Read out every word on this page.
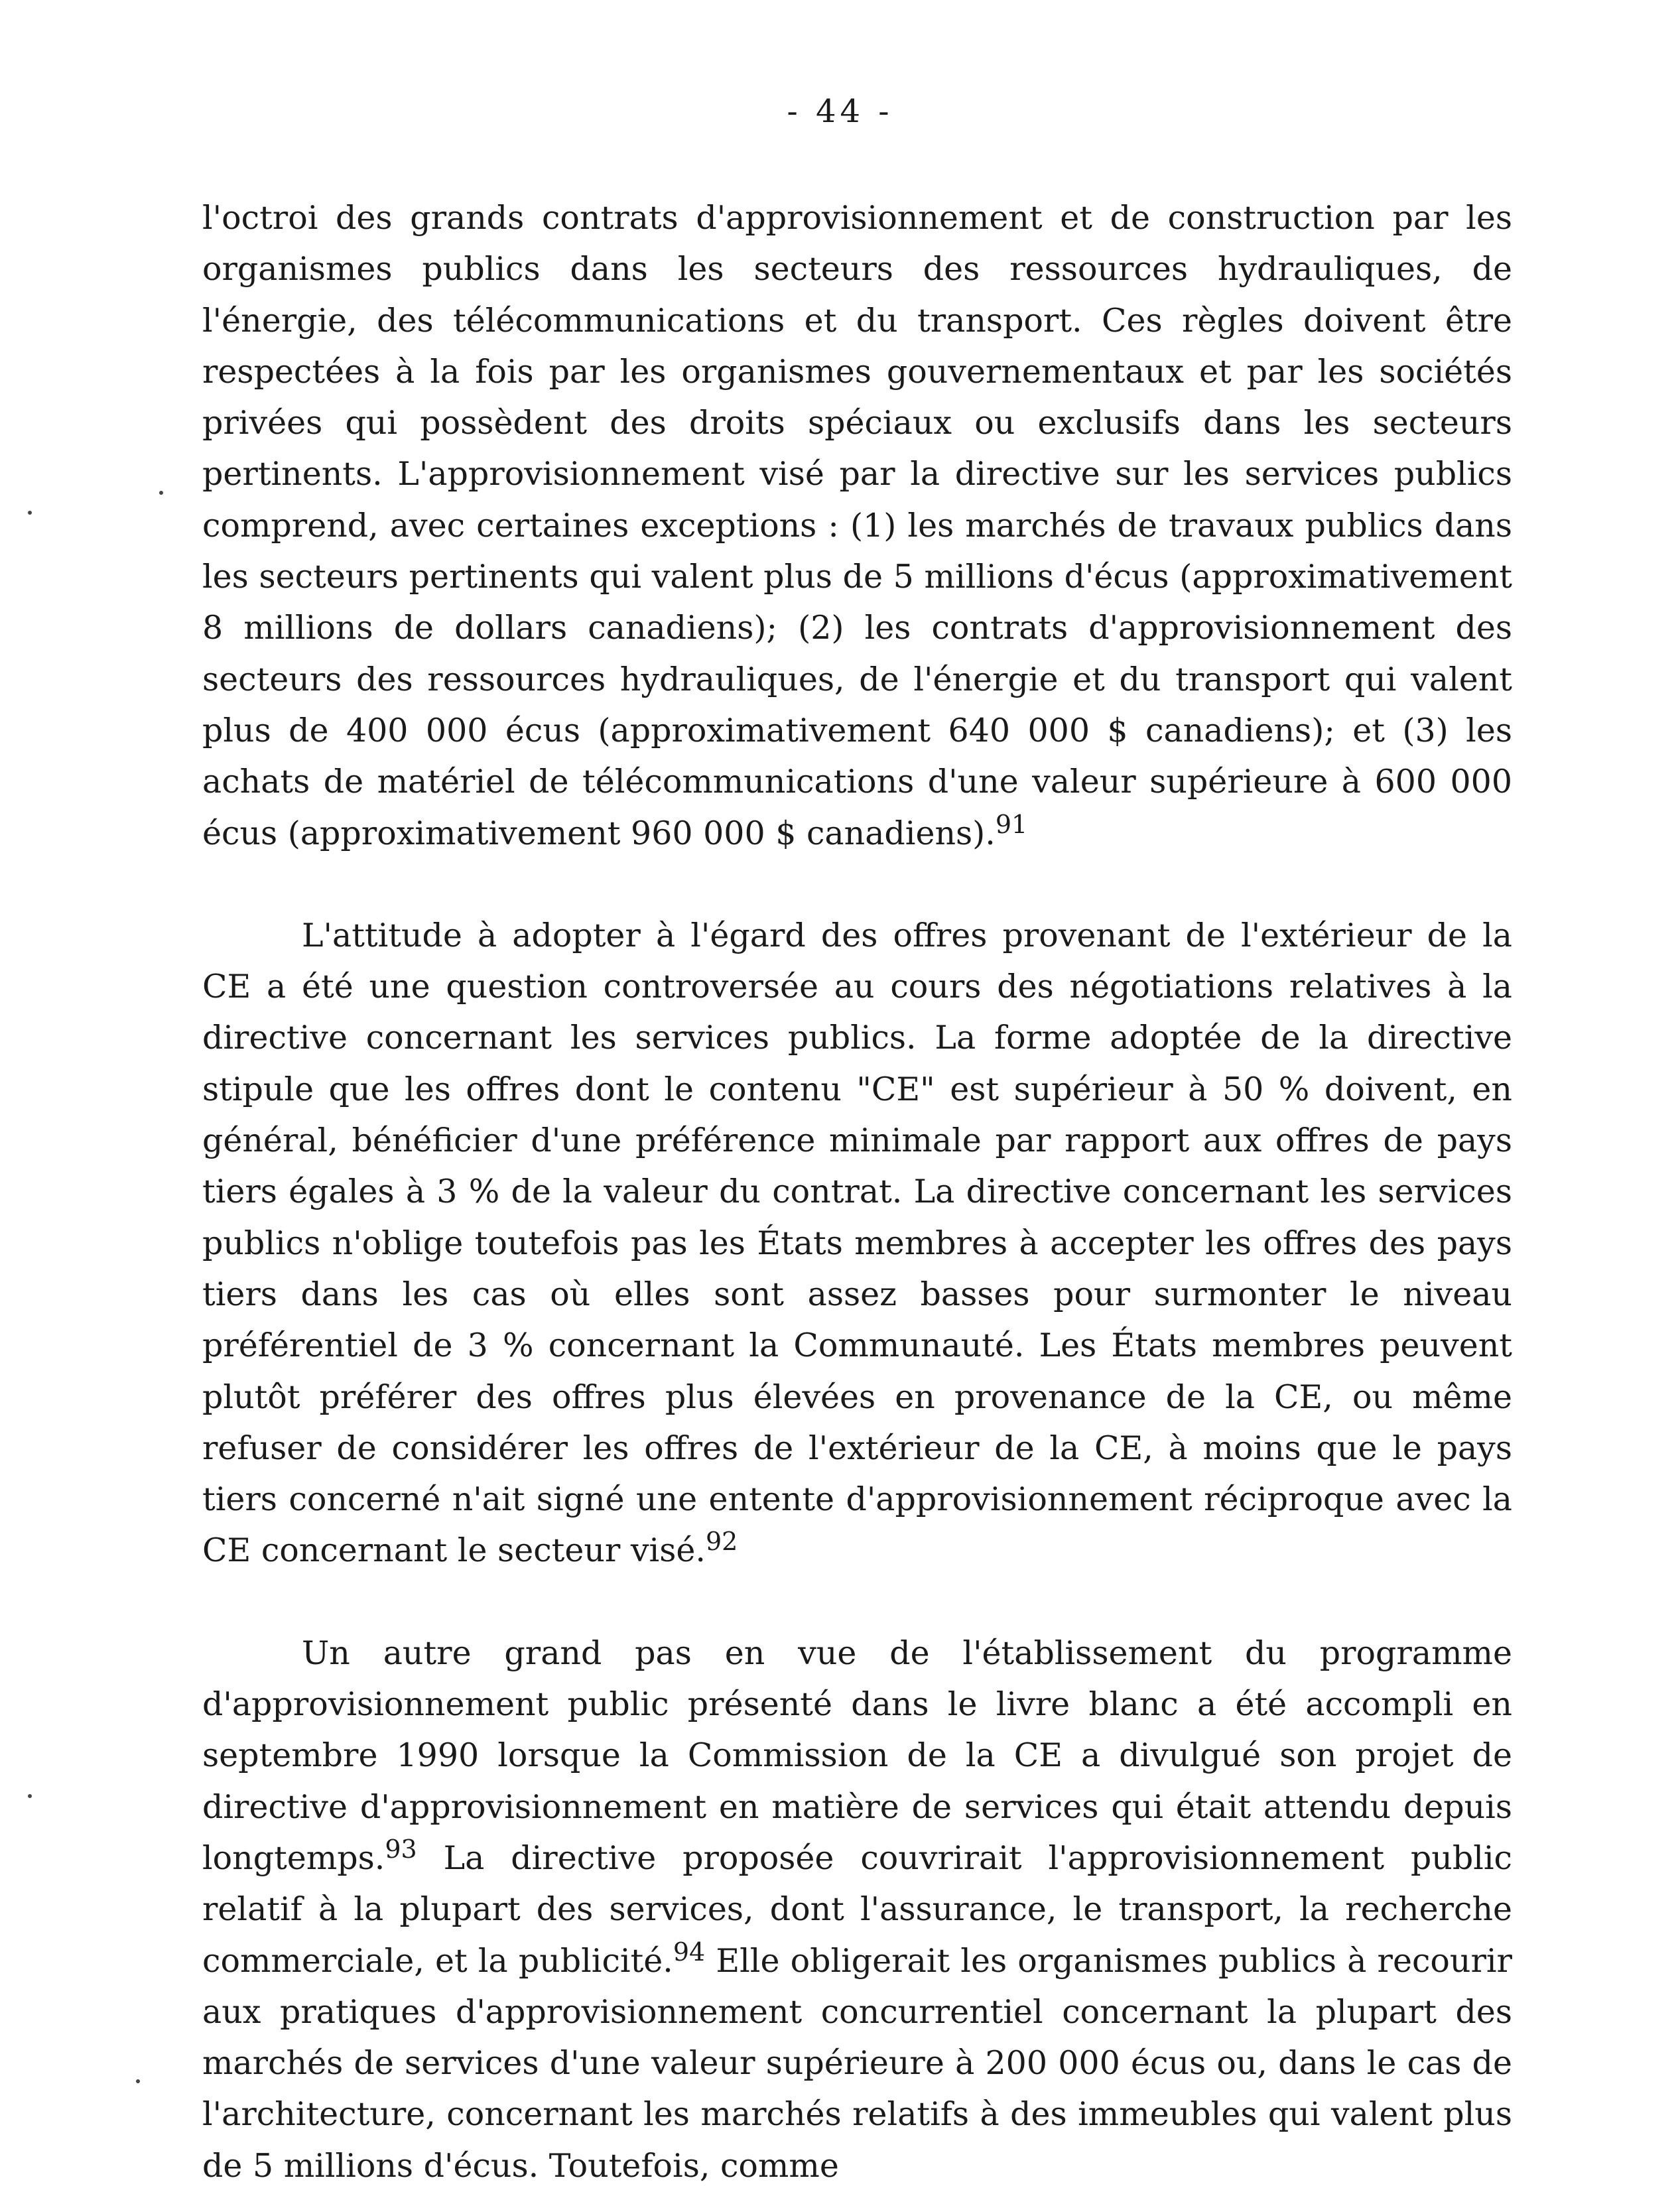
- 44 -

l'octroi des grands contrats d'approvisionnement et de construction par les organismes publics dans les secteurs des ressources hydrauliques, de l'énergie, des télécommunications et du transport. Ces règles doivent être respectées à la fois par les organismes gouvernementaux et par les sociétés privées qui possèdent des droits spéciaux ou exclusifs dans les secteurs pertinents. L'approvisionnement visé par la directive sur les services publics comprend, avec certaines exceptions : (1) les marchés de travaux publics dans les secteurs pertinents qui valent plus de 5 millions d'écus (approximativement 8 millions de dollars canadiens); (2) les contrats d'approvisionnement des secteurs des ressources hydrauliques, de l'énergie et du transport qui valent plus de 400 000 écus (approximativement 640 000 $ canadiens); et (3) les achats de matériel de télécommunications d'une valeur supérieure à 600 000 écus (approximativement 960 000 $ canadiens).$^{91}$

L'attitude à adopter à l'égard des offres provenant de l'extérieur de la CE a été une question controversée au cours des négotiations relatives à la directive concernant les services publics. La forme adoptée de la directive stipule que les offres dont le contenu "CE" est supérieur à 50 % doivent, en général, bénéficier d'une préférence minimale par rapport aux offres de pays tiers égales à 3 % de la valeur du contrat. La directive concernant les services publics n'oblige toutefois pas les États membres à accepter les offres des pays tiers dans les cas où elles sont assez basses pour surmonter le niveau préférentiel de 3 % concernant la Communauté. Les États membres peuvent plutôt préférer des offres plus élevées en provenance de la CE, ou même refuser de considérer les offres de l'extérieur de la CE, à moins que le pays tiers concerné n'ait signé une entente d'approvisionnement réciproque avec la CE concernant le secteur visé.$^{92}$

Un autre grand pas en vue de l'établissement du programme d'approvisionnement public présenté dans le livre blanc a été accompli en septembre 1990 lorsque la Commission de la CE a divulgué son projet de directive d'approvisionnement en matière de services qui était attendu depuis longtemps.$^{93}$ La directive proposée couvrirait l'approvisionnement public relatif à la plupart des services, dont l'assurance, le transport, la recherche commerciale, et la publicité.$^{94}$ Elle obligerait les organismes publics à recourir aux pratiques d'approvisionnement concurrentiel concernant la plupart des marchés de services d'une valeur supérieure à 200 000 écus ou, dans le cas de l'architecture, concernant les marchés relatifs à des immeubles qui valent plus de 5 millions d'écus. Toutefois, comme
